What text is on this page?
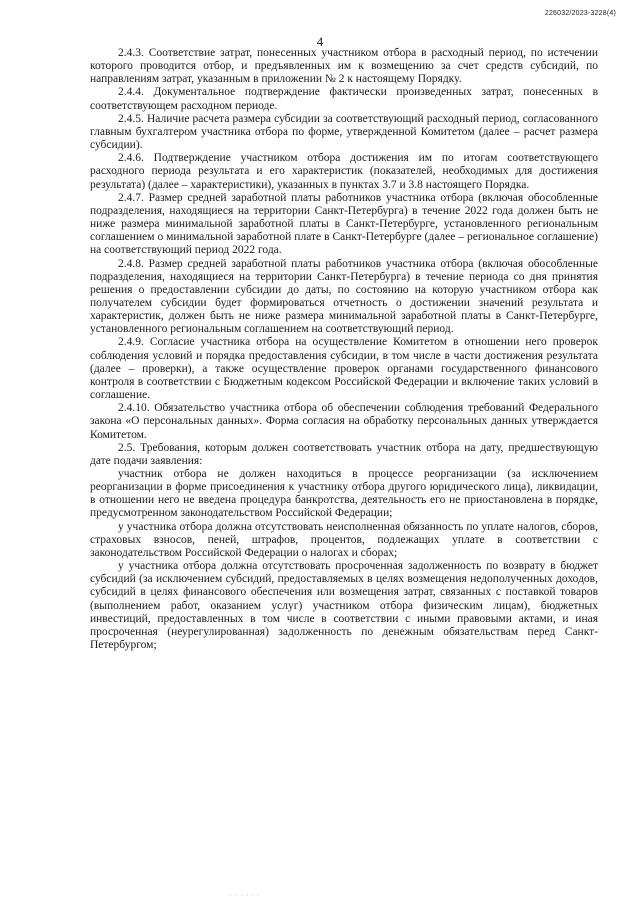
226032/2023-3228(4)
4

2.4.3. Соответствие затрат, понесенных участником отбора в расходный период, по истечении которого проводится отбор, и предъявленных им к возмещению за счет средств субсидий, по направлениям затрат, указанным в приложении № 2 к настоящему Порядку.

2.4.4. Документальное подтверждение фактически произведенных затрат, понесенных в соответствующем расходном периоде.

2.4.5. Наличие расчета размера субсидии за соответствующий расходный период, согласованного главным бухгалтером участника отбора по форме, утвержденной Комитетом (далее – расчет размера субсидии).

2.4.6. Подтверждение участником отбора достижения им по итогам соответствующего расходного периода результата и его характеристик (показателей, необходимых для достижения результата) (далее – характеристики), указанных в пунктах 3.7 и 3.8 настоящего Порядка.

2.4.7. Размер средней заработной платы работников участника отбора (включая обособленные подразделения, находящиеся на территории Санкт-Петербурга) в течение 2022 года должен быть не ниже размера минимальной заработной платы в Санкт-Петербурге, установленного региональным соглашением о минимальной заработной плате в Санкт-Петербурге (далее – региональное соглашение) на соответствующий период 2022 года.

2.4.8. Размер средней заработной платы работников участника отбора (включая обособленные подразделения, находящиеся на территории Санкт-Петербурга) в течение периода со дня принятия решения о предоставлении субсидии до даты, по состоянию на которую участником отбора как получателем субсидии будет формироваться отчетность о достижении значений результата и характеристик, должен быть не ниже размера минимальной заработной платы в Санкт-Петербурге, установленного региональным соглашением на соответствующий период.

2.4.9. Согласие участника отбора на осуществление Комитетом в отношении него проверок соблюдения условий и порядка предоставления субсидии, в том числе в части достижения результата (далее – проверки), а также осуществление проверок органами государственного финансового контроля в соответствии с Бюджетным кодексом Российской Федерации и включение таких условий в соглашение.

2.4.10. Обязательство участника отбора об обеспечении соблюдения требований Федерального закона «О персональных данных». Форма согласия на обработку персональных данных утверждается Комитетом.

2.5. Требования, которым должен соответствовать участник отбора на дату, предшествующую дате подачи заявления:

участник отбора не должен находиться в процессе реорганизации (за исключением реорганизации в форме присоединения к участнику отбора другого юридического лица), ликвидации, в отношении него не введена процедура банкротства, деятельность его не приостановлена в порядке, предусмотренном законодательством Российской Федерации;

у участника отбора должна отсутствовать неисполненная обязанность по уплате налогов, сборов, страховых взносов, пеней, штрафов, процентов, подлежащих уплате в соответствии с законодательством Российской Федерации о налогах и сборах;

у участника отбора должна отсутствовать просроченная задолженность по возврату в бюджет субсидий (за исключением субсидий, предоставляемых в целях возмещения недополученных доходов, субсидий в целях финансового обеспечения или возмещения затрат, связанных с поставкой товаров (выполнением работ, оказанием услуг) участником отбора физическим лицам), бюджетных инвестиций, предоставленных в том числе в соответствии с иными правовыми актами, и иная просроченная (неурегулированная) задолженность по денежным обязательствам перед Санкт-Петербургом;

· · · · · ·
